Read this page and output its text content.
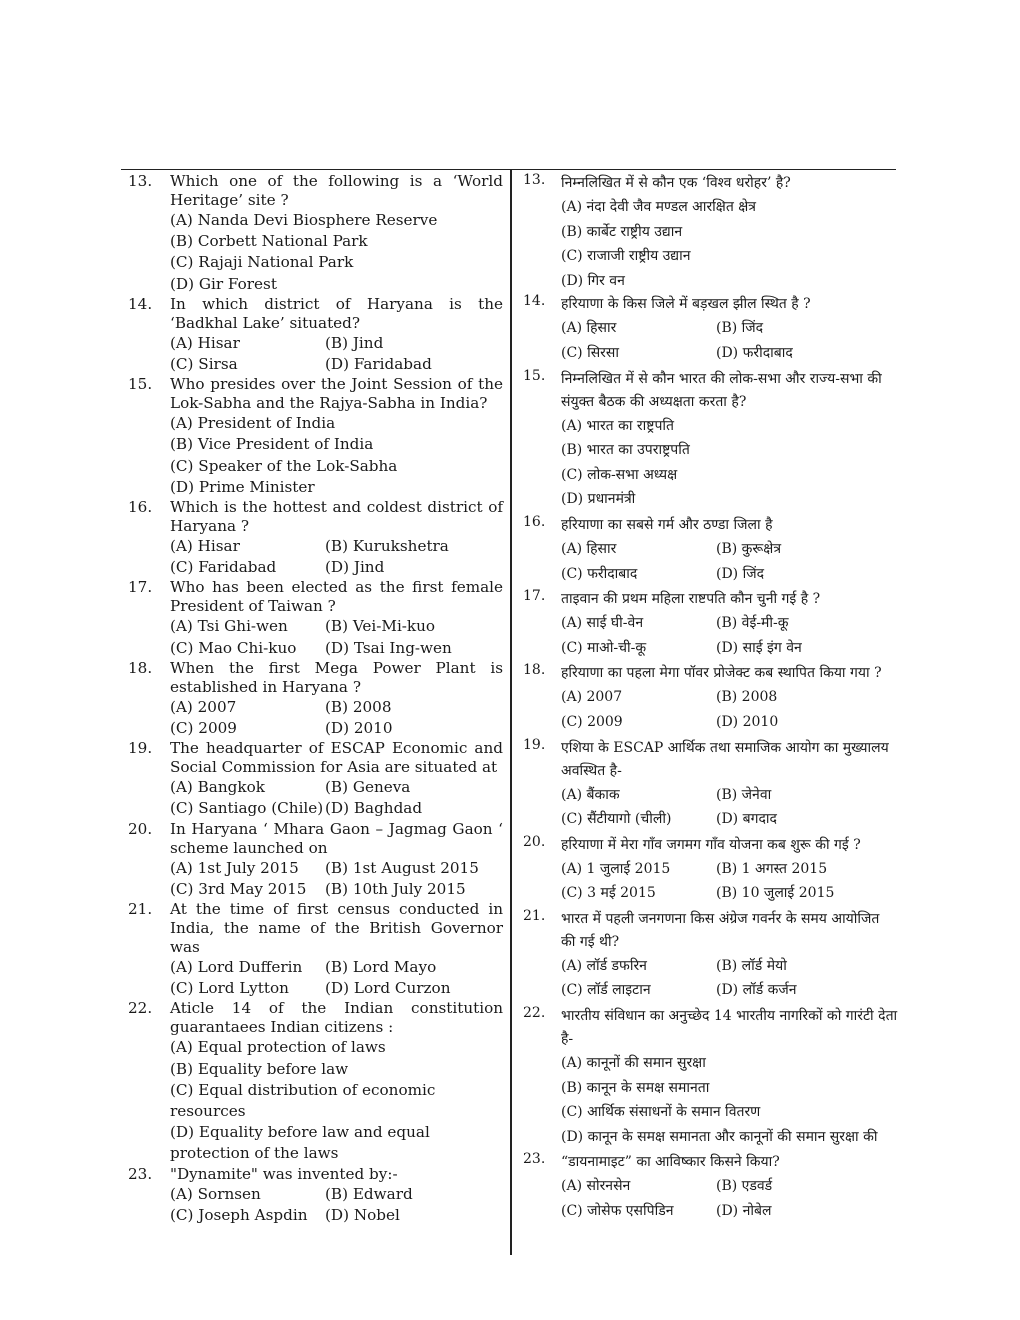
13. Which one of the following is a ‘World Heritage’ site ?
(A) Nanda Devi Biosphere Reserve
(B) Corbett National Park
(C) Rajaji National Park
(D) Gir Forest
14. In which district of Haryana is the ‘Badkhal Lake’ situated?
(A) Hisar	(B) Jind
(C) Sirsa	(D) Faridabad
15. Who presides over the Joint Session of the Lok-Sabha and the Rajya-Sabha in India?
(A) President of India
(B) Vice President of India
(C) Speaker of the Lok-Sabha
(D) Prime Minister
16. Which is the hottest and coldest district of Haryana ?
(A) Hisar	(B) Kurukshetra
(C) Faridabad	(D) Jind
17. Who has been elected as the first female President of Taiwan ?
(A) Tsi Ghi-wen	(B) Vei-Mi-kuo
(C) Mao Chi-kuo	(D) Tsai Ing-wen
18. When the first Mega Power Plant is established in Haryana ?
(A) 2007	(B) 2008
(C) 2009	(D) 2010
19. The headquarter of ESCAP Economic and Social Commission for Asia are situated at
(A) Bangkok	(B) Geneva
(C) Santiago (Chile) (D) Baghdad
20. In Haryana ‘ Mhara Gaon – Jagmag Gaon ‘ scheme launched on
(A) 1st July 2015	(B) 1st August 2015
(C) 3rd May 2015	(B) 10th July 2015
21. At the time of first census conducted in India, the name of the British Governor was
(A) Lord Dufferin	(B) Lord Mayo
(C) Lord Lytton	(D) Lord Curzon
22. Aticle 14 of the Indian constitution guarantaees Indian citizens :
(A) Equal protection of laws
(B) Equality before law
(C) Equal distribution of economic resources
(D) Equality before law and equal protection of the laws
23. "Dynamite" was invented by:-
(A) Sornsen	(B) Edward
(C) Joseph Aspdin	(D) Nobel
13. निम्नलिखित में से कौन एक ‘विश्व धरोहर’ है?
(A) नंदा देवी जैव मण्डल आरक्षित क्षेत्र
(B) कार्बेट राष्ट्रीय उद्यान
(C) राजाजी राष्ट्रीय उद्यान
(D) गिर वन
14. हरियाणा के किस जिले में बड़खल झील स्थित है ?
(A) हिसार	(B) जिंद
(C) सिरसा	(D) फरीदाबाद
15. निम्नलिखित में से कौन भारत की लोक-सभा और राज्य-सभा की संयुक्त बैठक की अध्यक्षता करता है?
(A) भारत का राष्ट्रपति
(B) भारत का उपराष्ट्रपति
(C) लोक-सभा अध्यक्ष
(D) प्रधानमंत्री
16. हरियाणा का सबसे गर्म और ठण्डा जिला है
(A) हिसार	(B) कुरूक्षेत्र
(C) फरीदाबाद	(D) जिंद
17. ताइवान की प्रथम महिला राष्टपति कौन चुनी गई है ?
(A) साई घी-वेन	(B) वेई-मी-कू
(C) माओ-ची-कू	(D) साई इंग वेन
18. हरियाणा का पहला मेगा पॉवर प्रोजेक्ट कब स्थापित किया गया ?
(A) 2007	(B) 2008
(C) 2009	(D) 2010
19. एशिया के ESCAP आर्थिक तथा समाजिक आयोग का मुख्यालय अवस्थित है-
(A) बैंकाक	(B) जेनेवा
(C) सैंटीयागो (चीली)	(D) बगदाद
20. हरियाणा में मेरा गाँव जगमग गाँव योजना कब शुरू की गई ?
(A) 1 जुलाई 2015	(B) 1 अगस्त 2015
(C) 3 मई 2015	(B) 10 जुलाई 2015
21. भारत में पहली जनगणना किस अंग्रेज गवर्नर के समय आयोजित की गई थी?
(A) लॉर्ड डफरिन	(B) लॉर्ड मेयो
(C) लॉर्ड लाइटान	(D) लॉर्ड कर्जन
22. भारतीय संविधान का अनुच्छेद 14 भारतीय नागरिकों को गारंटी देता है-
(A) कानूनों की समान सुरक्षा
(B) कानून के समक्ष समानता
(C) आर्थिक संसाधनों के समान वितरण
(D) कानून के समक्ष समानता और कानूनों की समान सुरक्षा की
23. “डायनामाइट” का आविष्कार किसने किया?
(A) सोरनसेन	(B) एडवर्ड
(C) जोसेफ एसपिडिन	(D) नोबेल
